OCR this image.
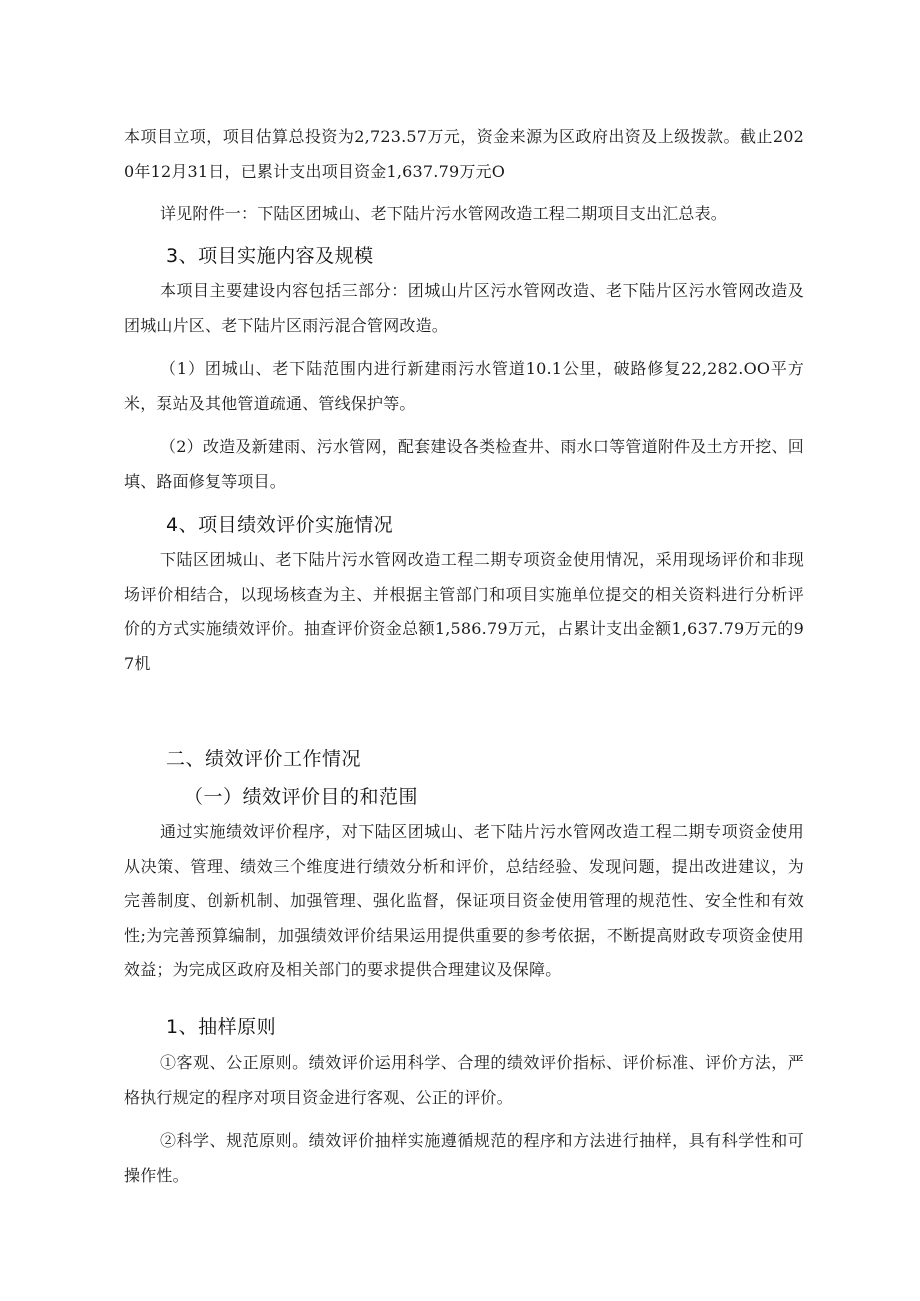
本项目立项，项目估算总投资为2,723.57万元，资金来源为区政府出资及上级拨款。截止2020年12月31日，已累计支出项目资金1,637.79万元O

详见附件一：下陆区团城山、老下陆片污水管网改造工程二期项目支出汇总表。

3、项目实施内容及规模

本项目主要建设内容包括三部分：团城山片区污水管网改造、老下陆片区污水管网改造及团城山片区、老下陆片区雨污混合管网改造。

（1）团城山、老下陆范围内进行新建雨污水管道10.1公里，破路修复22,282.OO平方米，泵站及其他管道疏通、管线保护等。

（2）改造及新建雨、污水管网，配套建设各类检查井、雨水口等管道附件及土方开挖、回填、路面修复等项目。

4、项目绩效评价实施情况

下陆区团城山、老下陆片污水管网改造工程二期专项资金使用情况，采用现场评价和非现场评价相结合，以现场核查为主、并根据主管部门和项目实施单位提交的相关资料进行分析评价的方式实施绩效评价。抽查评价资金总额1,586.79万元，占累计支出金额1,637.79万元的97机

二、绩效评价工作情况
（一）绩效评价目的和范围

通过实施绩效评价程序，对下陆区团城山、老下陆片污水管网改造工程二期专项资金使用从决策、管理、绩效三个维度进行绩效分析和评价，总结经验、发现问题，提出改进建议，为完善制度、创新机制、加强管理、强化监督，保证项目资金使用管理的规范性、安全性和有效性;为完善预算编制，加强绩效评价结果运用提供重要的参考依据，不断提高财政专项资金使用效益；为完成区政府及相关部门的要求提供合理建议及保障。

1、抽样原则

①客观、公正原则。绩效评价运用科学、合理的绩效评价指标、评价标准、评价方法，严格执行规定的程序对项目资金进行客观、公正的评价。

②科学、规范原则。绩效评价抽样实施遵循规范的程序和方法进行抽样，具有科学性和可操作性。
